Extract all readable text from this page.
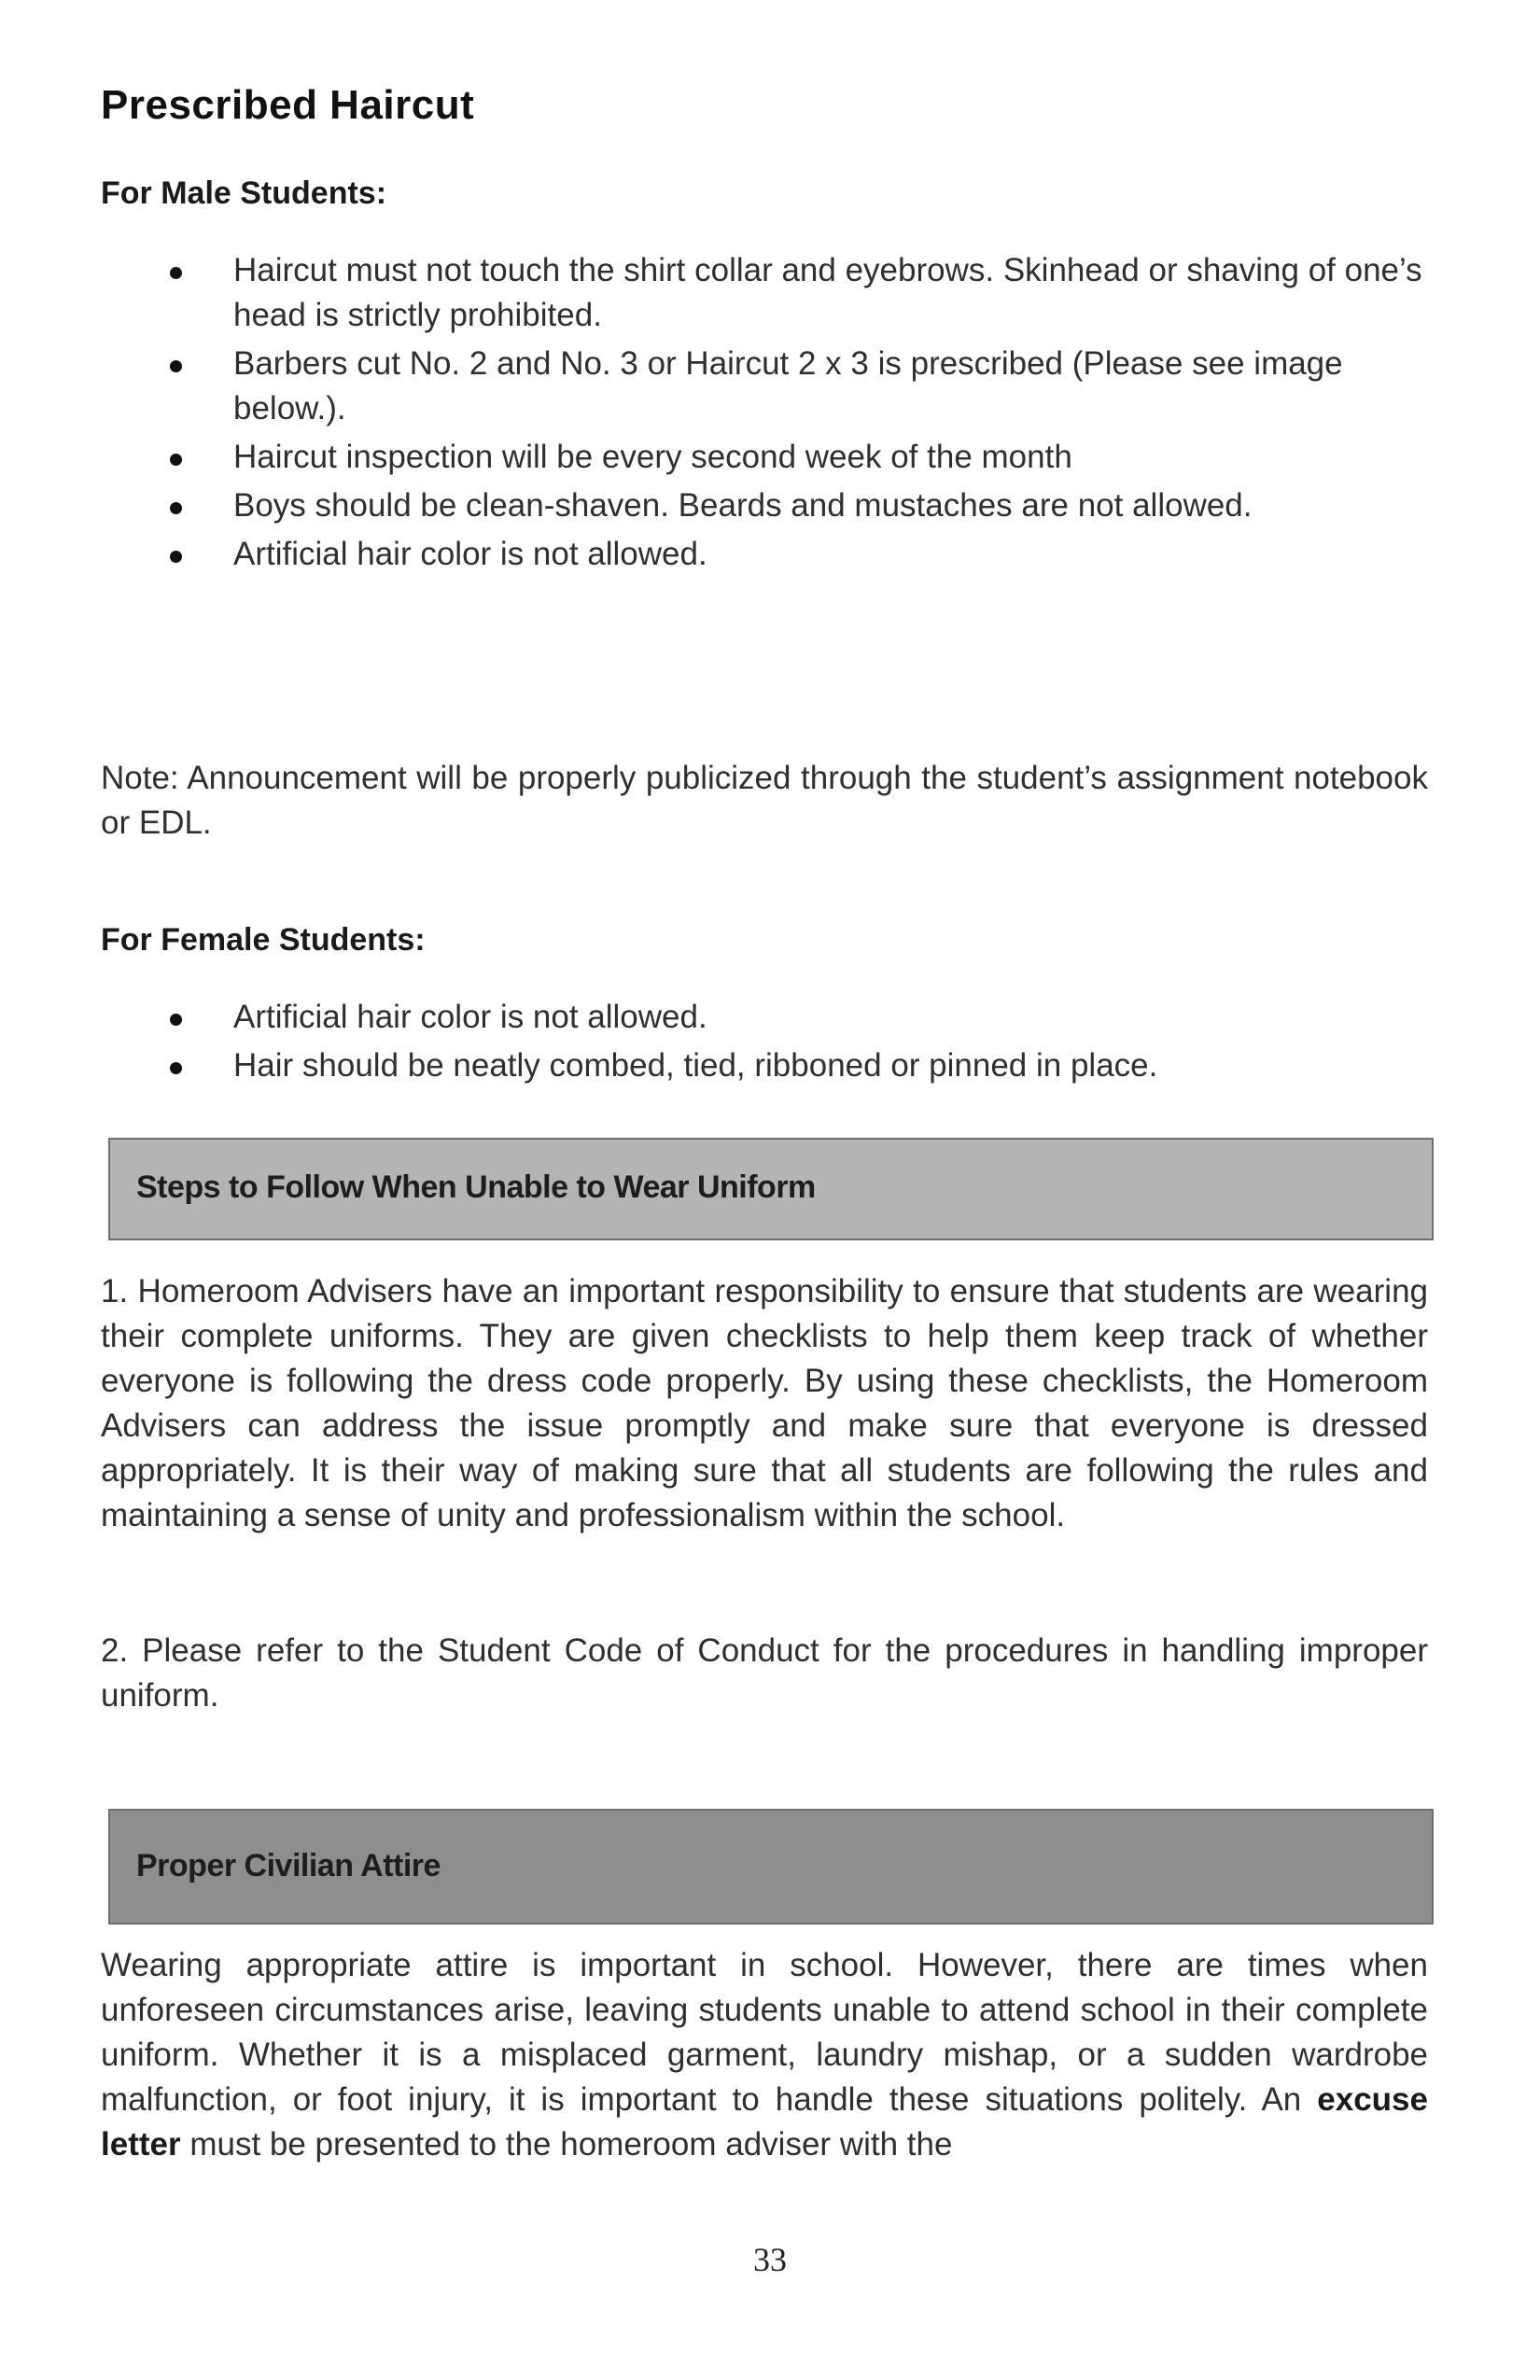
Prescribed Haircut
For Male Students:
Haircut must not touch the shirt collar and eyebrows. Skinhead or shaving of one’s head is strictly prohibited.
Barbers cut No. 2 and No. 3 or Haircut 2 x 3 is prescribed (Please see image below.).
Haircut inspection will be every second week of the month
Boys should be clean-shaven. Beards and mustaches are not allowed.
Artificial hair color is not allowed.

Note: Announcement will be properly publicized through the student’s assignment notebook or EDL.

For Female Students:
Artificial hair color is not allowed.
Hair should be neatly combed, tied, ribboned or pinned in place.
Steps to Follow When Unable to Wear Uniform

1. Homeroom Advisers have an important responsibility to ensure that students are wearing their complete uniforms. They are given checklists to help them keep track of whether everyone is following the dress code properly. By using these checklists, the Homeroom Advisers can address the issue promptly and make sure that everyone is dressed appropriately. It is their way of making sure that all students are following the rules and maintaining a sense of unity and professionalism within the school.

2. Please refer to the Student Code of Conduct for the procedures in handling improper uniform.

Proper Civilian Attire

Wearing appropriate attire is important in school. However, there are times when unforeseen circumstances arise, leaving students unable to attend school in their complete uniform. Whether it is a misplaced garment, laundry mishap, or a sudden wardrobe malfunction, or foot injury, it is important to handle these situations politely. An excuse letter must be presented to the homeroom adviser with the

33
